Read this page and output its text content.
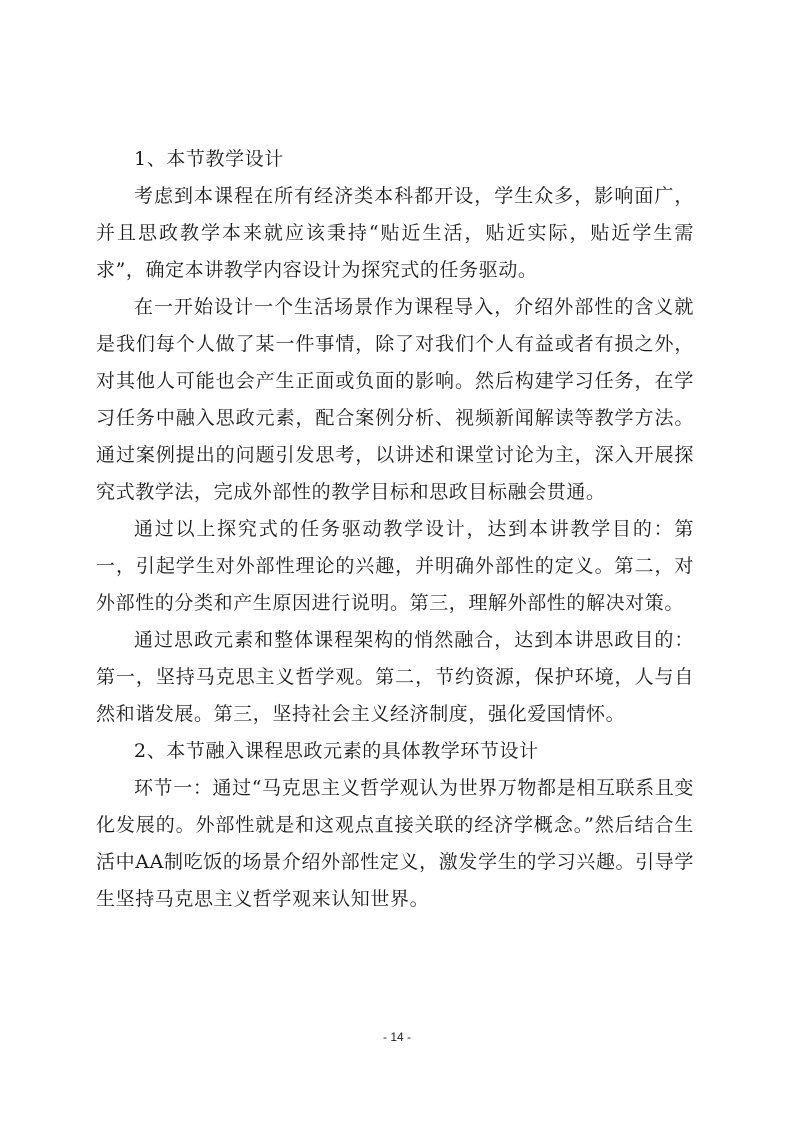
1、本节教学设计

考虑到本课程在所有经济类本科都开设，学生众多，影响面广，并且思政教学本来就应该秉持“贴近生活，贴近实际，贴近学生需求”，确定本讲教学内容设计为探究式的任务驱动。

在一开始设计一个生活场景作为课程导入，介绍外部性的含义就是我们每个人做了某一件事情，除了对我们个人有益或者有损之外，对其他人可能也会产生正面或负面的影响。然后构建学习任务，在学习任务中融入思政元素，配合案例分析、视频新闻解读等教学方法。通过案例提出的问题引发思考，以讲述和课堂讨论为主，深入开展探究式教学法，完成外部性的教学目标和思政目标融会贯通。

通过以上探究式的任务驱动教学设计，达到本讲教学目的：第一，引起学生对外部性理论的兴趣，并明确外部性的定义。第二，对外部性的分类和产生原因进行说明。第三，理解外部性的解决对策。

通过思政元素和整体课程架构的悄然融合，达到本讲思政目的：第一，坚持马克思主义哲学观。第二，节约资源，保护环境，人与自然和谐发展。第三，坚持社会主义经济制度，强化爱国情怀。

2、本节融入课程思政元素的具体教学环节设计

环节一：通过“马克思主义哲学观认为世界万物都是相互联系且变化发展的。外部性就是和这观点直接关联的经济学概念。”然后结合生活中AA制吃饭的场景介绍外部性定义，激发学生的学习兴趣。引导学生坚持马克思主义哲学观来认知世界。

- 14 -
